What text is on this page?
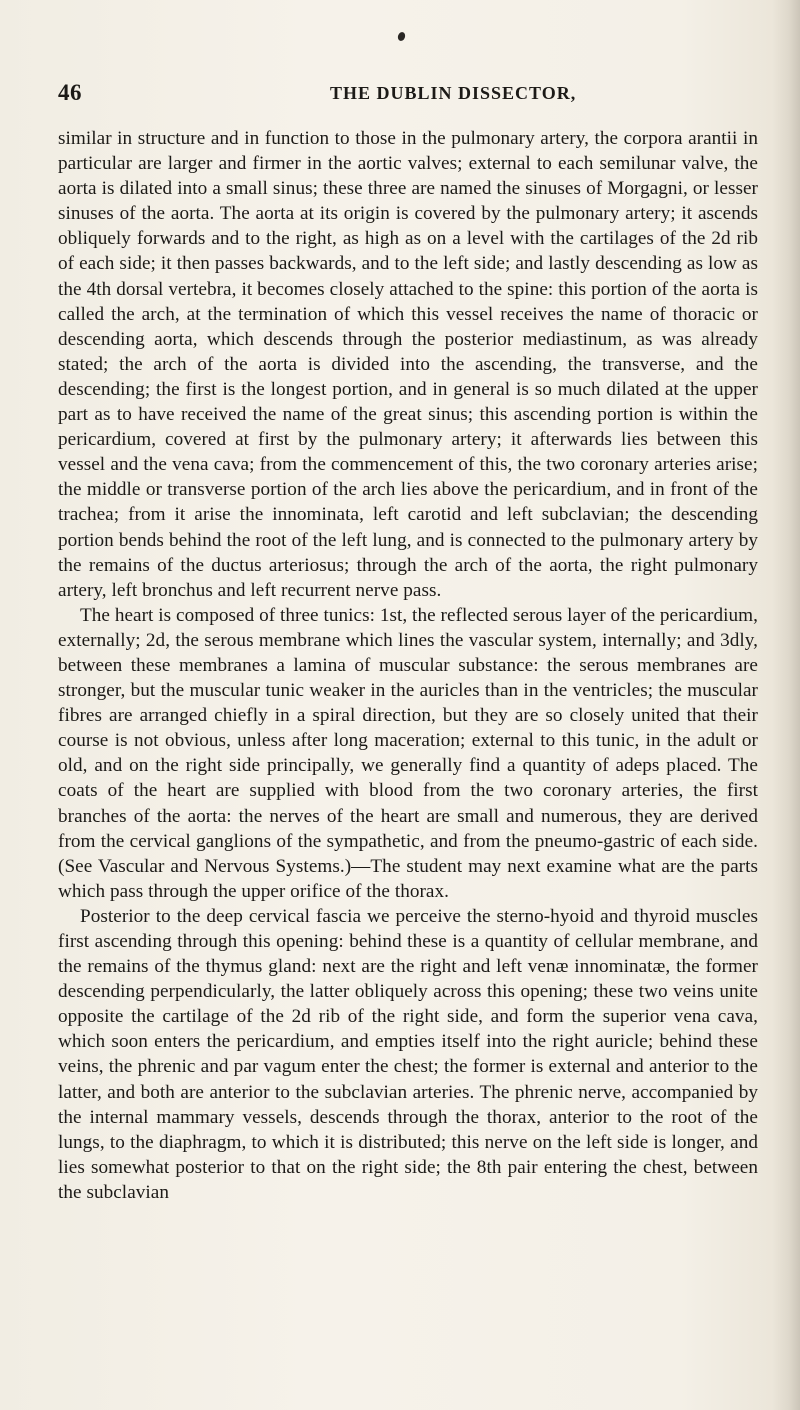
46	THE DUBLIN DISSECTOR,

similar in structure and in function to those in the pulmonary artery, the corpora arantii in particular are larger and firmer in the aortic valves; external to each semilunar valve, the aorta is dilated into a small sinus; these three are named the sinuses of Morgagni, or lesser sinuses of the aorta. The aorta at its origin is covered by the pulmonary artery; it ascends obliquely forwards and to the right, as high as on a level with the cartilages of the 2d rib of each side; it then passes backwards, and to the left side; and lastly descending as low as the 4th dorsal vertebra, it becomes closely attached to the spine: this portion of the aorta is called the arch, at the termination of which this vessel receives the name of thoracic or descending aorta, which descends through the posterior mediastinum, as was already stated; the arch of the aorta is divided into the ascending, the transverse, and the descending; the first is the longest portion, and in general is so much dilated at the upper part as to have received the name of the great sinus; this ascending portion is within the pericardium, covered at first by the pulmonary artery; it afterwards lies between this vessel and the vena cava; from the commencement of this, the two coronary arteries arise; the middle or transverse portion of the arch lies above the pericardium, and in front of the trachea; from it arise the innominata, left carotid and left subclavian; the descending portion bends behind the root of the left lung, and is connected to the pulmonary artery by the remains of the ductus arteriosus; through the arch of the aorta, the right pulmonary artery, left bronchus and left recurrent nerve pass.

The heart is composed of three tunics: 1st, the reflected serous layer of the pericardium, externally; 2d, the serous membrane which lines the vascular system, internally; and 3dly, between these membranes a lamina of muscular substance: the serous membranes are stronger, but the muscular tunic weaker in the auricles than in the ventricles; the muscular fibres are arranged chiefly in a spiral direction, but they are so closely united that their course is not obvious, unless after long maceration; external to this tunic, in the adult or old, and on the right side principally, we generally find a quantity of adeps placed. The coats of the heart are supplied with blood from the two coronary arteries, the first branches of the aorta: the nerves of the heart are small and numerous, they are derived from the cervical ganglions of the sympathetic, and from the pneumo-gastric of each side. (See Vascular and Nervous Systems.)—The student may next examine what are the parts which pass through the upper orifice of the thorax.

Posterior to the deep cervical fascia we perceive the sterno-hyoid and thyroid muscles first ascending through this opening: behind these is a quantity of cellular membrane, and the remains of the thymus gland: next are the right and left venæ innominatæ, the former descending perpendicularly, the latter obliquely across this opening; these two veins unite opposite the cartilage of the 2d rib of the right side, and form the superior vena cava, which soon enters the pericardium, and empties itself into the right auricle; behind these veins, the phrenic and par vagum enter the chest; the former is external and anterior to the latter, and both are anterior to the subclavian arteries. The phrenic nerve, accompanied by the internal mammary vessels, descends through the thorax, anterior to the root of the lungs, to the diaphragm, to which it is distributed; this nerve on the left side is longer, and lies somewhat posterior to that on the right side; the 8th pair entering the chest, between the subclavian
